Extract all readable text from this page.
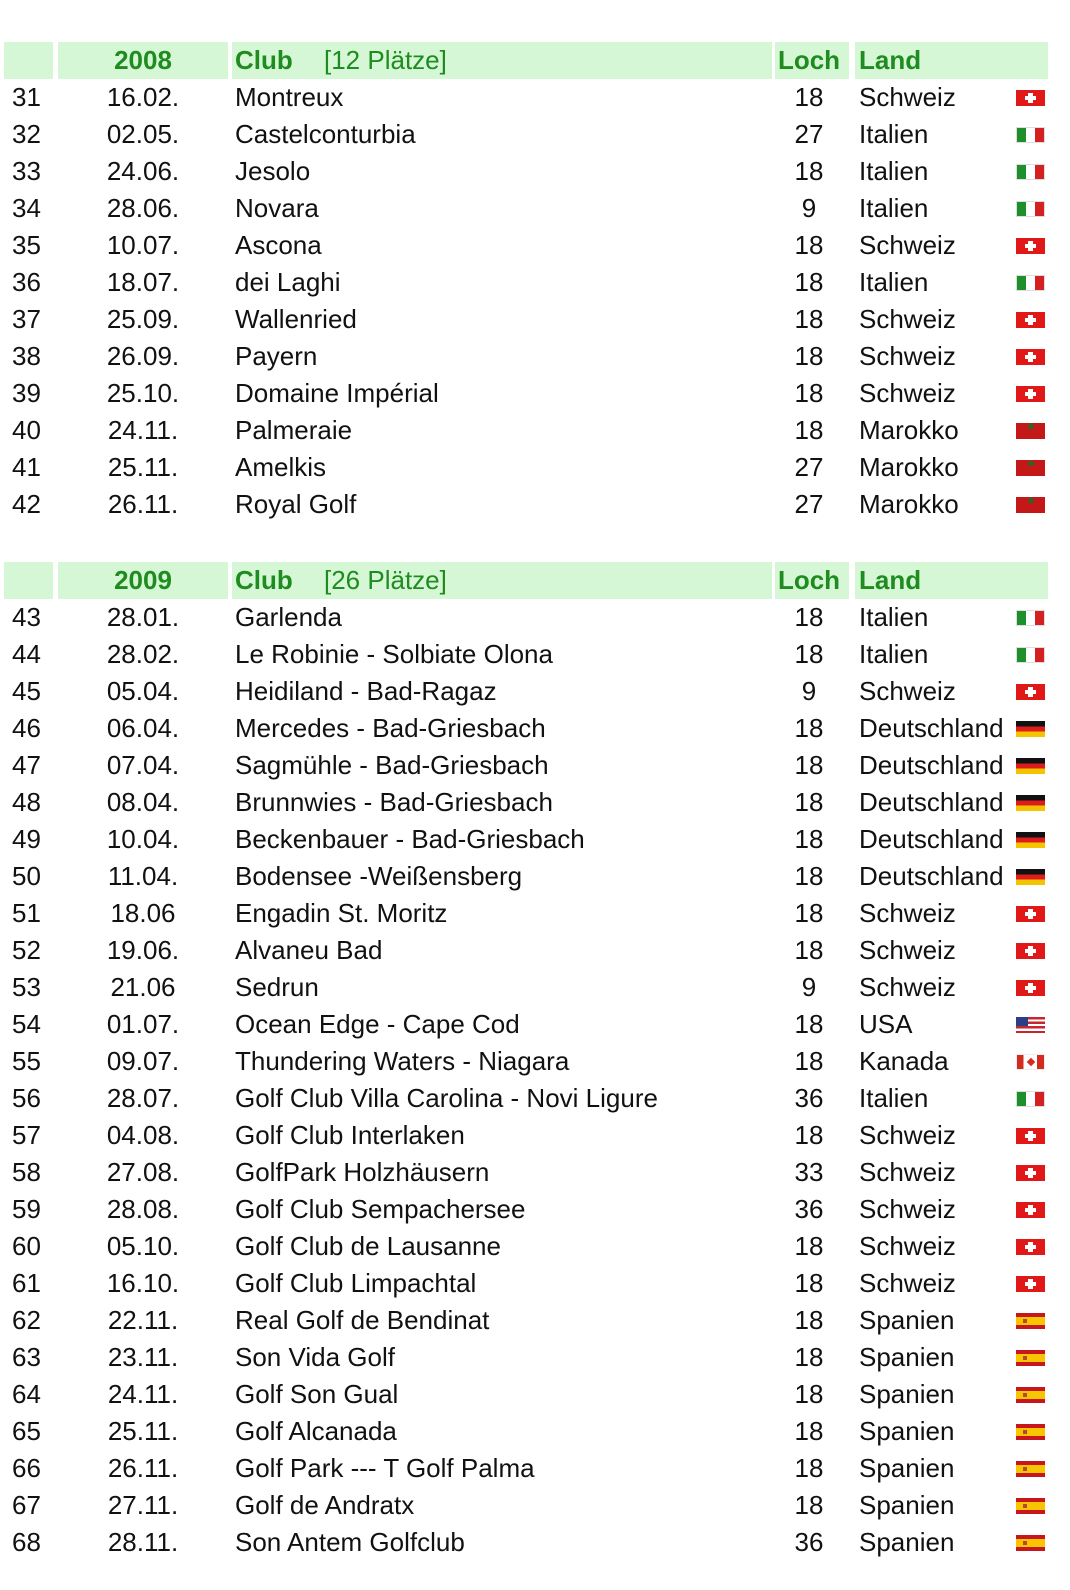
2008	Club [12 Plätze]	Loch Land
31	16.02.	Montreux	18	Schweiz
32	02.05.	Castelconturbia	27	Italien
33	24.06.	Jesolo	18	Italien
34	28.06.	Novara	9	Italien
35	10.07.	Ascona	18	Schweiz
36	18.07.	dei Laghi	18	Italien
37	25.09.	Wallenried	18	Schweiz
38	26.09.	Payern	18	Schweiz
39	25.10.	Domaine Impérial	18	Schweiz
40	24.11.	Palmeraie	18	Marokko
★
41	25.11.	Amelkis	27	Marokko
★
42	26.11.	Royal Golf	27	Marokko
★
2009	Club [26 Plätze]	Loch Land
43	28.01.	Garlenda	18	Italien
44	28.02.	Le Robinie - Solbiate Olona	18	Italien
45	05.04.	Heidiland - Bad-Ragaz	9	Schweiz
46	06.04.	Mercedes - Bad-Griesbach	18	Deutschland
47	07.04.	Sagmühle - Bad-Griesbach	18	Deutschland
48	08.04.	Brunnwies - Bad-Griesbach	18	Deutschland
49	10.04.	Beckenbauer - Bad-Griesbach	18	Deutschland
50	11.04.	Bodensee -Weißensberg	18	Deutschland
51	18.06	Engadin St. Moritz	18	Schweiz
52	19.06.	Alvaneu Bad	18	Schweiz
53	21.06	Sedrun	9	Schweiz
54	01.07.	Ocean Edge - Cape Cod	18	USA
55	09.07.	Thundering Waters - Niagara	18	Kanada
56	28.07.	Golf Club Villa Carolina - Novi Ligure	36	Italien
57	04.08.	Golf Club Interlaken	18	Schweiz
58	27.08.	GolfPark Holzhäusern	33	Schweiz
59	28.08.	Golf Club Sempachersee	36	Schweiz
60	05.10.	Golf Club de Lausanne	18	Schweiz
61	16.10.	Golf Club Limpachtal	18	Schweiz
62	22.11.	Real Golf de Bendinat	18	Spanien
63	23.11.	Son Vida Golf	18	Spanien
64	24.11.	Golf Son Gual	18	Spanien
65	25.11.	Golf Alcanada	18	Spanien
66	26.11.	Golf Park --- T Golf Palma	18	Spanien
67	27.11.	Golf de Andratx	18	Spanien
68	28.11.	Son Antem Golfclub	36	Spanien
